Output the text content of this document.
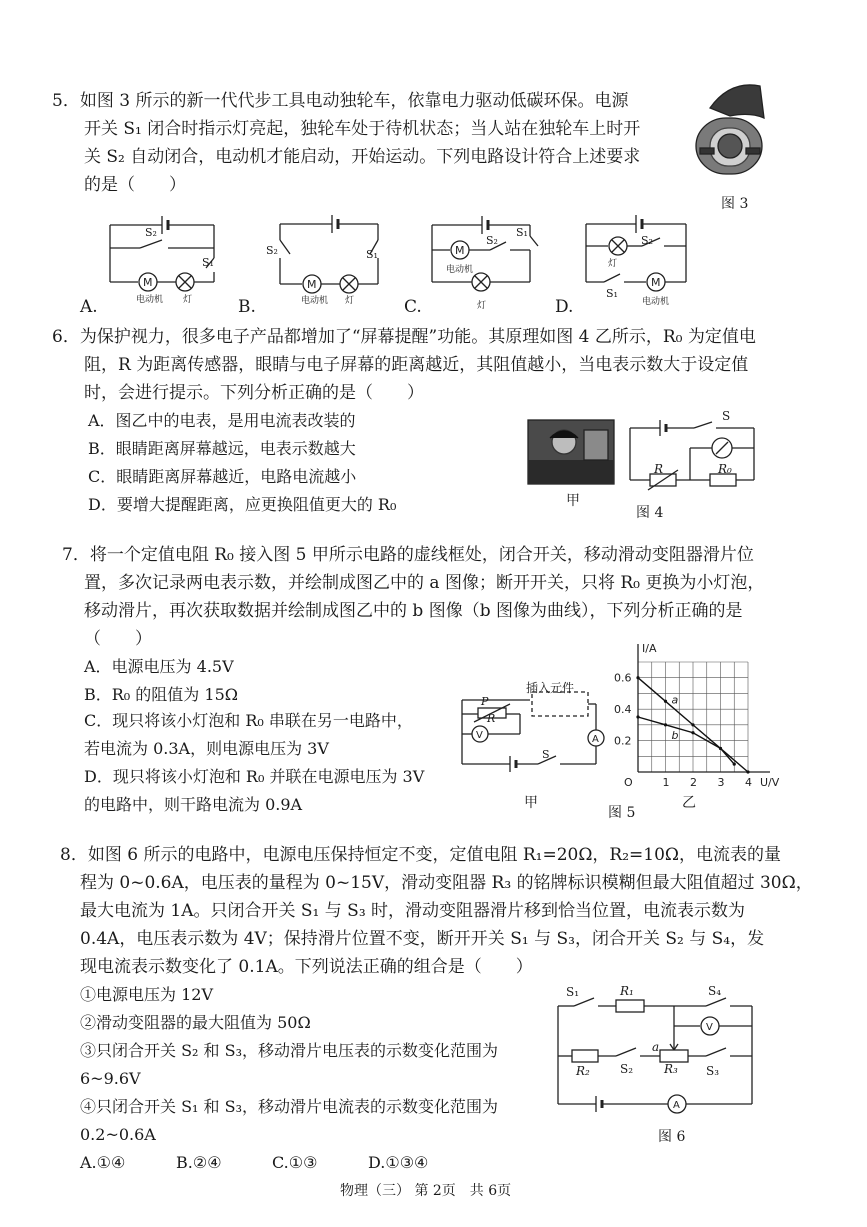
5．如图 3 所示的新一代代步工具电动独轮车，依靠电力驱动低碳环保。电源
开关 S₁ 闭合时指示灯亮起，独轮车处于待机状态；当人站在独轮车上时开
关 S₂ 自动闭合，电动机才能启动，开始运动。下列电路设计符合上述要求
的是（　　）
图 3
M
S₂
S₁
电动机 灯
A.
M
S₂	S₁
电动机 灯
B.
M
S₂
S₁
电动机
灯
C.
M
S₂
灯
S₁
电动机
D.
6．为保护视力，很多电子产品都增加了“屏幕提醒”功能。其原理如图 4 乙所示，R₀ 为定值电
阻，R 为距离传感器，眼睛与电子屏幕的距离越近，其阻值越小，当电表示数大于设定值
时，会进行提示。下列分析正确的是（　　）
A．图乙中的电表，是用电流表改装的
B．眼睛距离屏幕越远，电表示数越大
C．眼睛距离屏幕越近，电路电流越小
D．要增大提醒距离，应更换阻值更大的 R₀	甲
S
R	R₀
图 4
7．将一个定值电阻 R₀ 接入图 5 甲所示电路的虚线框处，闭合开关，移动滑动变阻器滑片位
置，多次记录两电表示数，并绘制成图乙中的 a 图像；断开开关，只将 R₀ 更换为小灯泡，
移动滑片，再次获取数据并绘制成图乙中的 b 图像（b 图像为曲线），下列分析正确的是
（　　）
A．电源电压为 4.5V
B．R₀ 的阻值为 15Ω
C．现只将该小灯泡和 R₀ 串联在另一电路中，
若电流为 0.3A，则电源电压为 3V
D．现只将该小灯泡和 R₀ 并联在电源电压为 3V
的电路中，则干路电流为 0.9A
A
V
插入元件
P
R
S
甲
I/A
U/V
O	1 2 3 4
0.2
0.4
0.6
a
b
图 5
乙
8．如图 6 所示的电路中，电源电压保持恒定不变，定值电阻 R₁=20Ω，R₂=10Ω，电流表的量
程为 0~0.6A，电压表的量程为 0~15V，滑动变阻器 R₃ 的铭牌标识模糊但最大阻值超过 30Ω，
最大电流为 1A。只闭合开关 S₁ 与 S₃ 时，滑动变阻器滑片移到恰当位置，电流表示数为
0.4A，电压表示数为 4V；保持滑片位置不变，断开开关 S₁ 与 S₃，闭合开关 S₂ 与 S₄，发
现电流表示数变化了 0.1A。下列说法正确的组合是（　　）
①电源电压为 12V
②滑动变阻器的最大阻值为 50Ω
③只闭合开关 S₂ 和 S₃，移动滑片电压表的示数变化范围为
6~9.6V
④只闭合开关 S₁ 和 S₃，移动滑片电流表的示数变化范围为
0.2~0.6A
A.①④	B.②④	C.①③	D.①③④
V
A
S₁	R₁	S₄
R₂	S₂
a
R₃ S₃
图 6
物理（三） 第 2页　共 6页
